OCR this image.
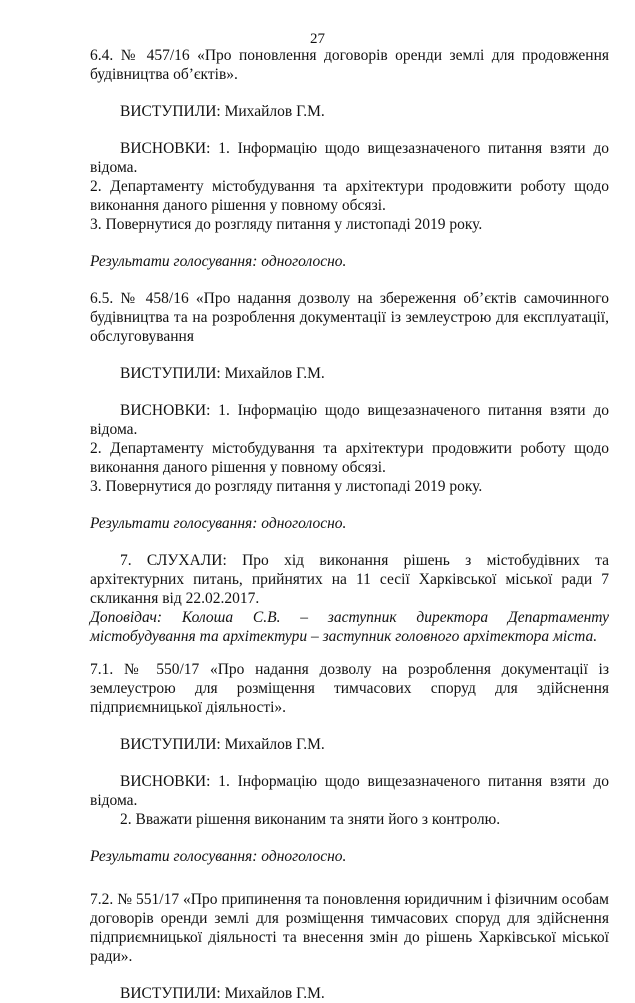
27

6.4. № 457/16 «Про поновлення договорів оренди землі для продовження будівництва об’єктів».

ВИСТУПИЛИ: Михайлов Г.М.

ВИСНОВКИ: 1. Інформацію щодо вищезазначеного питання взяти до відома.

2. Департаменту містобудування та архітектури продовжити роботу щодо виконання даного рішення у повному обсязі.

3. Повернутися до розгляду питання у листопаді 2019 року.

Результати голосування: одноголосно.

6.5. № 458/16 «Про надання дозволу на збереження об’єктів самочинного будівництва та на розроблення документації із землеустрою для експлуатації, обслуговування

ВИСТУПИЛИ: Михайлов Г.М.

ВИСНОВКИ: 1. Інформацію щодо вищезазначеного питання взяти до відома.

2. Департаменту містобудування та архітектури продовжити роботу щодо виконання даного рішення у повному обсязі.

3. Повернутися до розгляду питання у листопаді 2019 року.

Результати голосування: одноголосно.

7. СЛУХАЛИ: Про хід виконання рішень з містобудівних та архітектурних питань, прийнятих на 11 сесії Харківської міської ради 7 скликання від 22.02.2017.

Доповідач: Колоша С.В. – заступник директора Департаменту містобудування та архітектури – заступник головного архітектора міста.

7.1. № 550/17 «Про надання дозволу на розроблення документації із землеустрою для розміщення тимчасових споруд для здійснення підприємницької діяльності».

ВИСТУПИЛИ: Михайлов Г.М.

ВИСНОВКИ: 1. Інформацію щодо вищезазначеного питання взяти до відома.

2. Вважати рішення виконаним та зняти його з контролю.

Результати голосування: одноголосно.

7.2. № 551/17 «Про припинення та поновлення юридичним і фізичним особам договорів оренди землі для розміщення тимчасових споруд для здійснення підприємницької діяльності та внесення змін до рішень Харківської міської ради».

ВИСТУПИЛИ: Михайлов Г.М.
